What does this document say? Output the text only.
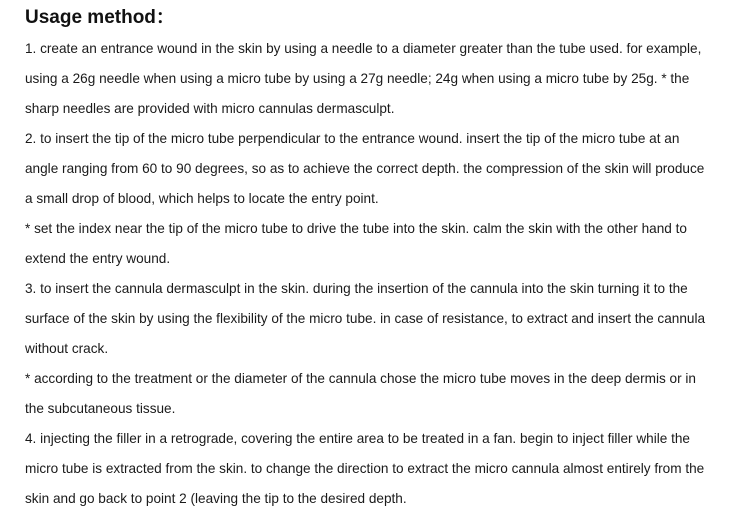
Usage method：
1. create an entrance wound in the skin by using a needle to a diameter greater than the tube used. for example,
using a 26g needle when using a micro tube by using a 27g needle; 24g when using a micro tube by 25g. * the
sharp needles are provided with micro cannulas dermasculpt.
2. to insert the tip of the micro tube perpendicular to the entrance wound. insert the tip of the micro tube at an
angle ranging from 60 to 90 degrees, so as to achieve the correct depth. the compression of the skin will produce
a small drop of blood, which helps to locate the entry point.
* set the index near the tip of the micro tube to drive the tube into the skin. calm the skin with the other hand to
extend the entry wound.
3. to insert the cannula dermasculpt in the skin. during the insertion of the cannula into the skin turning it to the
surface of the skin by using the flexibility of the micro tube. in case of resistance, to extract and insert the cannula
without crack.
* according to the treatment or the diameter of the cannula chose the micro tube moves in the deep dermis or in
the subcutaneous tissue.
4. injecting the filler in a retrograde, covering the entire area to be treated in a fan. begin to inject filler while the
micro tube is extracted from the skin. to change the direction to extract the micro cannula almost entirely from the
skin and go back to point 2 (leaving the tip to the desired depth.
